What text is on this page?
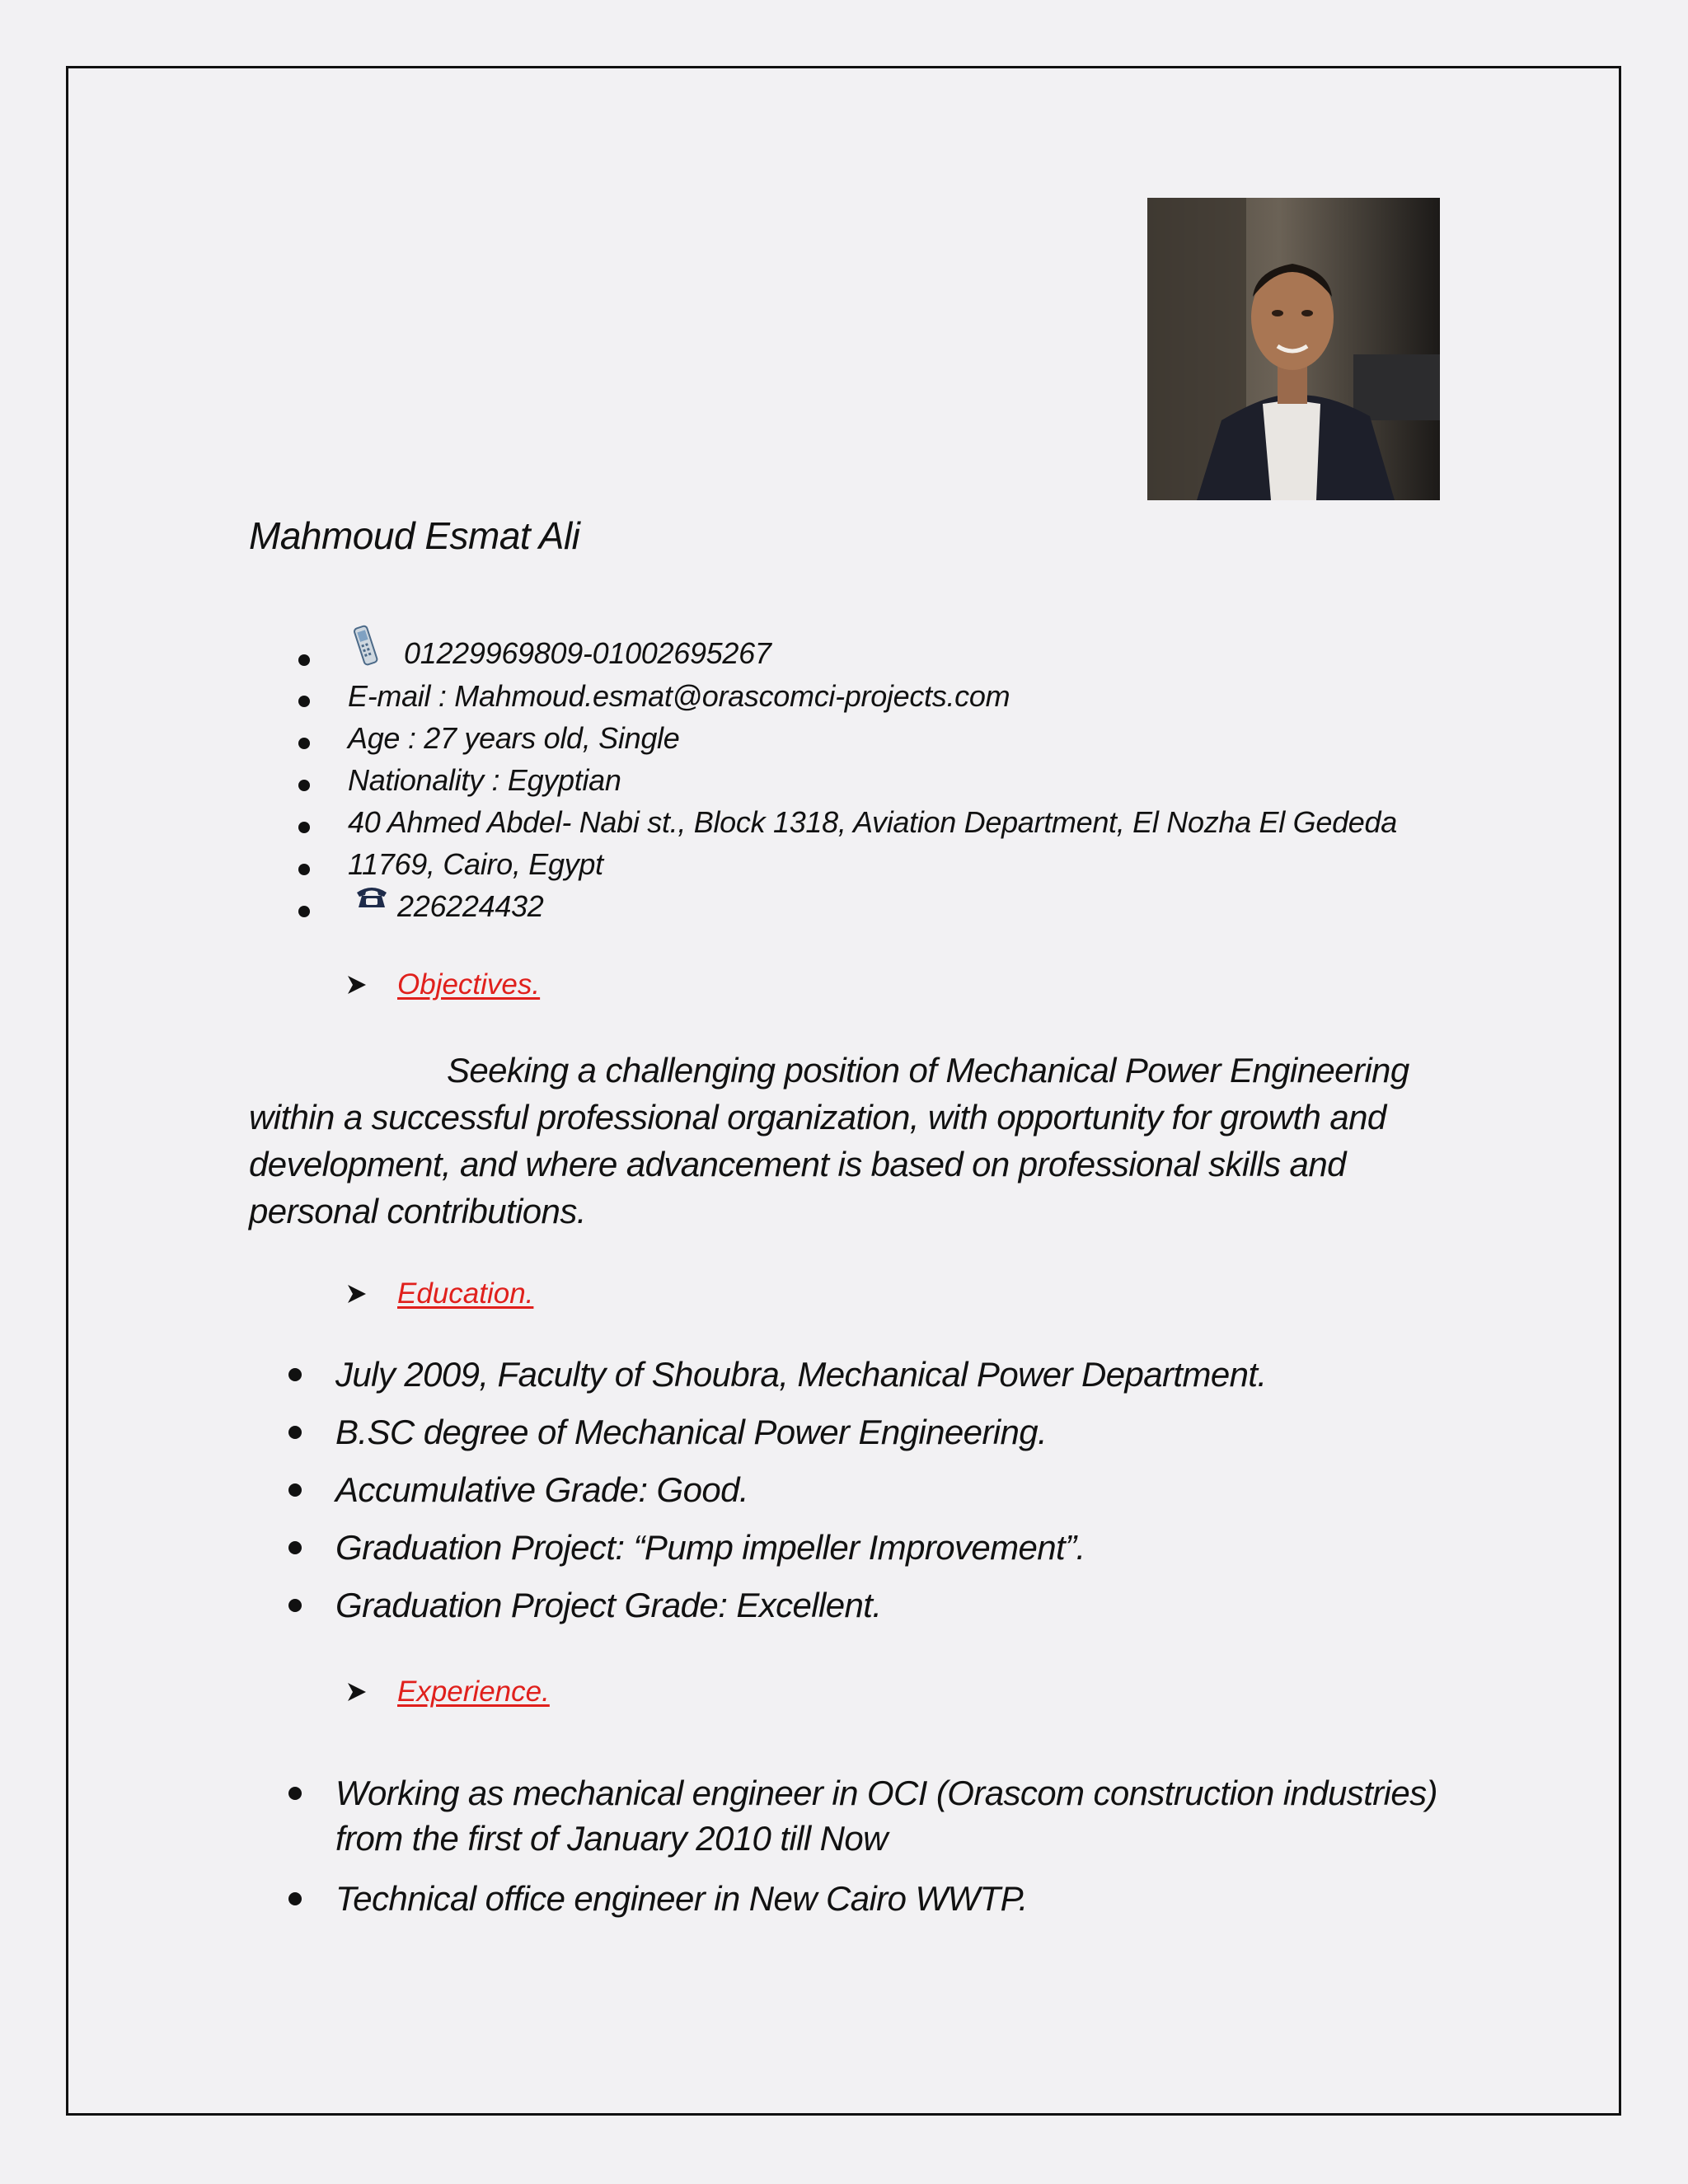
Mahmoud Esmat Ali
01229969809-01002695267
E-mail : Mahmoud.esmat@orascomci-projects.com
Age : 27 years old, Single
Nationality : Egyptian
40 Ahmed Abdel- Nabi st., Block 1318, Aviation Department, El Nozha El Gededa
11769, Cairo, Egypt
226224432
Objectives.
Seeking a challenging position of Mechanical Power Engineering
within a successful professional organization, with opportunity for growth and
development, and where advancement is based on professional skills and
personal contributions.
Education.
July 2009, Faculty of Shoubra, Mechanical Power Department.
B.SC degree of Mechanical Power Engineering.
Accumulative Grade: Good.
Graduation Project: “Pump impeller Improvement”.
Graduation Project Grade: Excellent.
Experience.
Working as mechanical engineer in OCI (Orascom construction industries)
from the first of January 2010 till Now
Technical office engineer in New Cairo WWTP.
